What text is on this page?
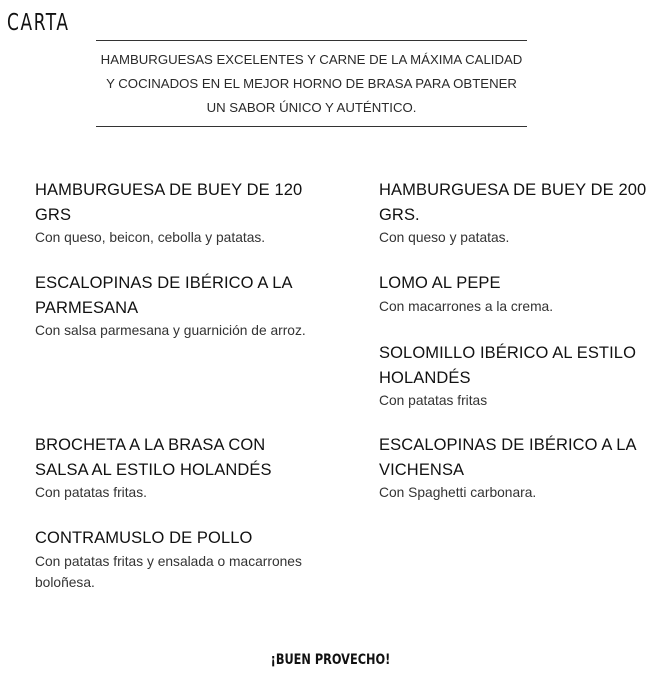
CARTA
HAMBURGUESAS EXCELENTES Y CARNE DE LA MÁXIMA CALIDAD Y COCINADOS EN EL MEJOR HORNO DE BRASA PARA OBTENER UN SABOR ÚNICO Y AUTÉNTICO.
HAMBURGUESA DE BUEY DE 120 GRS
Con queso, beicon, cebolla y patatas.
ESCALOPINAS DE IBÉRICO A LA PARMESANA
Con salsa parmesana y guarnición de arroz.
BROCHETA A LA BRASA CON SALSA AL ESTILO HOLANDÉS
Con patatas fritas.
CONTRAMUSLO DE POLLO
Con patatas fritas y ensalada o macarrones boloñesa.
HAMBURGUESA DE BUEY DE 200 GRS.
Con queso y patatas.
LOMO AL PEPE
Con macarrones a la crema.
SOLOMILLO IBÉRICO AL ESTILO HOLANDÉS
Con patatas fritas
ESCALOPINAS DE IBÉRICO A LA VICHENSA
Con Spaghetti carbonara.
¡BUEN PROVECHO!
